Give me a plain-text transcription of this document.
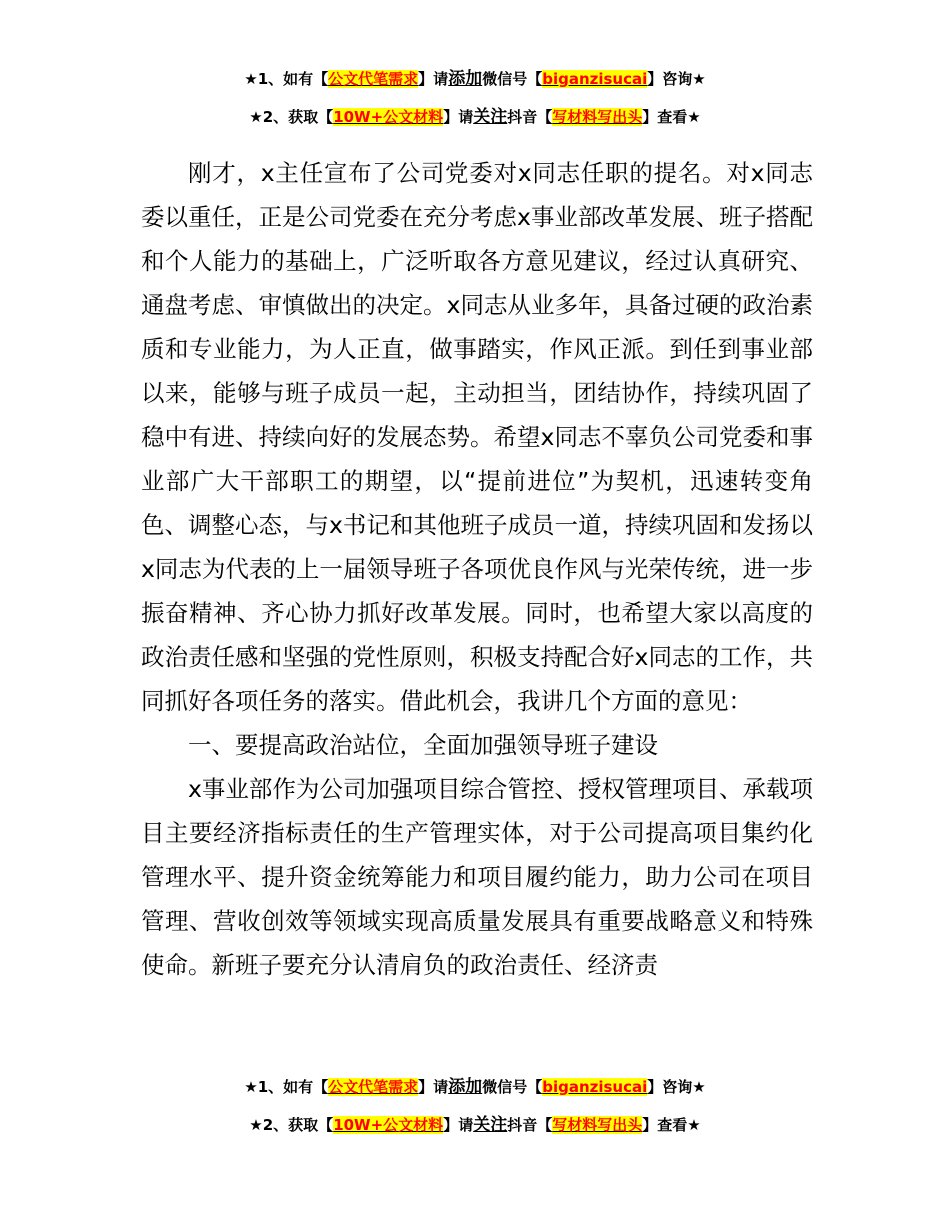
★1、如有【公文代笔需求】请添加微信号【biganzisucai】咨询★
★2、获取【10W+公文材料】请关注抖音【写材料写出头】查看★

刚才，x主任宣布了公司党委对x同志任职的提名。对x同志委以重任，正是公司党委在充分考虑x事业部改革发展、班子搭配和个人能力的基础上，广泛听取各方意见建议，经过认真研究、通盘考虑、审慎做出的决定。x同志从业多年，具备过硬的政治素质和专业能力，为人正直，做事踏实，作风正派。到任到事业部以来，能够与班子成员一起，主动担当，团结协作，持续巩固了稳中有进、持续向好的发展态势。希望x同志不辜负公司党委和事业部广大干部职工的期望，以“提前进位”为契机，迅速转变角色、调整心态，与x书记和其他班子成员一道，持续巩固和发扬以x同志为代表的上一届领导班子各项优良作风与光荣传统，进一步振奋精神、齐心协力抓好改革发展。同时，也希望大家以高度的政治责任感和坚强的党性原则，积极支持配合好x同志的工作，共同抓好各项任务的落实。借此机会，我讲几个方面的意见：

一、要提高政治站位，全面加强领导班子建设

x事业部作为公司加强项目综合管控、授权管理项目、承载项目主要经济指标责任的生产管理实体，对于公司提高项目集约化管理水平、提升资金统筹能力和项目履约能力，助力公司在项目管理、营收创效等领域实现高质量发展具有重要战略意义和特殊使命。新班子要充分认清肩负的政治责任、经济责

★1、如有【公文代笔需求】请添加微信号【biganzisucai】咨询★
★2、获取【10W+公文材料】请关注抖音【写材料写出头】查看★
